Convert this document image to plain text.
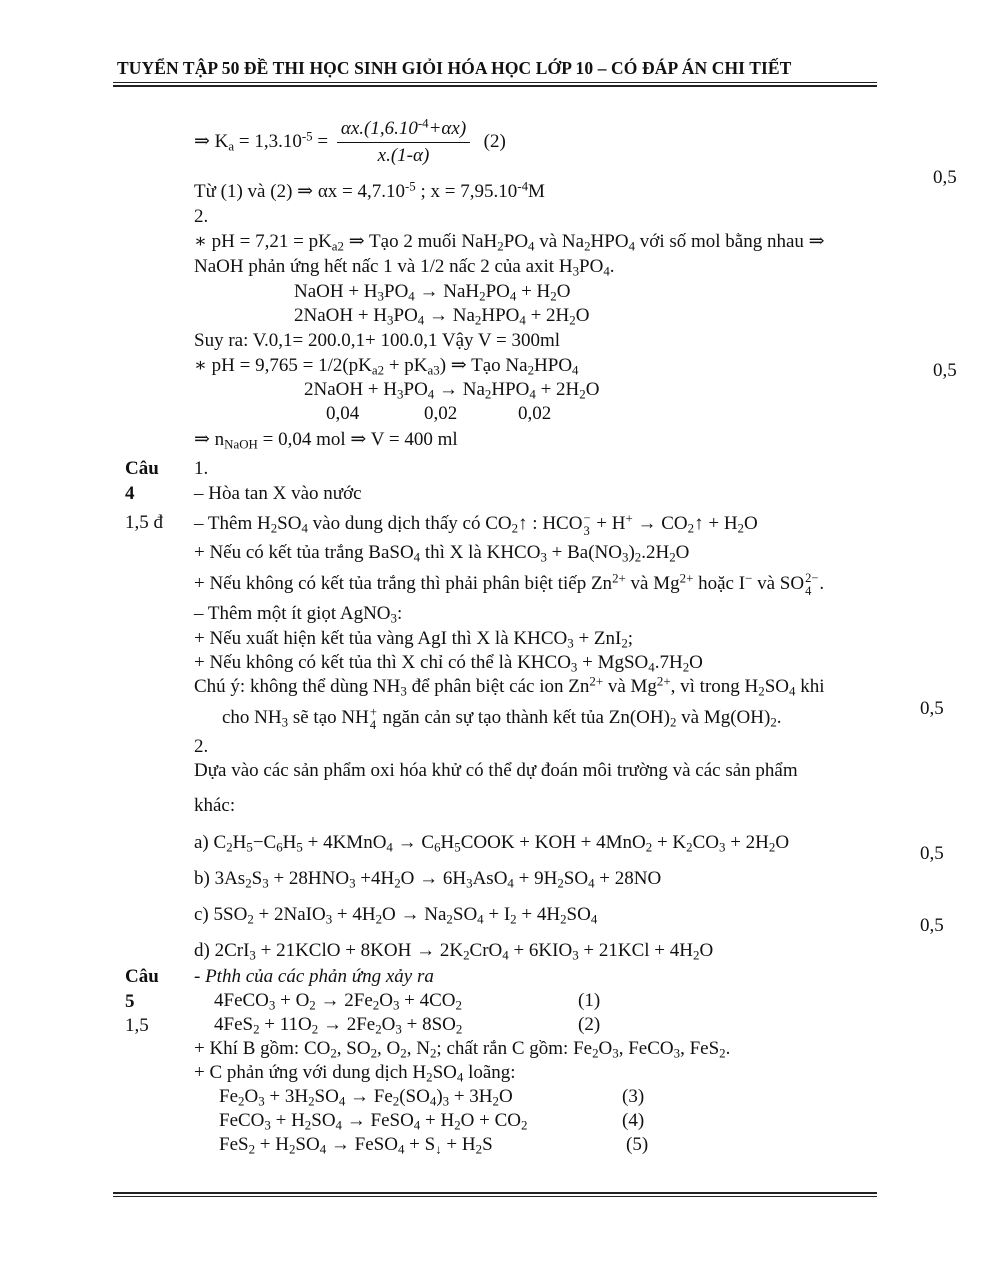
TUYỂN TẬP 50 ĐỀ THI HỌC SINH GIỎI HÓA HỌC LỚP 10 – CÓ ĐÁP ÁN CHI TIẾT
⇒ $K_a = 1,3.10^{-5} = \frac{\alpha x.(1,6.10^{-4}+\alpha x)}{x.(1-\alpha)} (2)$
Từ (1) và (2) ⇒ $\alpha x = 4,7.10^{-5}$ ; $x = 7,95.10^{-4}M$
2.
∗ pH = $7,21 = pK_{a2}$ ⇒ Tạo 2 muối $NaH_2PO_4$ và $Na_2HPO_4$ với số mol bằng nhau ⇒
NaOH phản ứng hết nấc 1 và 1/2 nấc 2 của axit $H_3PO_4$.
NaOH + $H_3PO_4 \to NaH_2PO_4 + H_2O$
2NaOH + $H_3PO_4 \to Na_2HPO_4 + 2H_2O$
Suy ra: V.0,1= 200.0,1+ 100.0,1 Vậy V = 300ml
∗ pH = $9,765 = 1/2(pK_{a2} + pK_{a3})$ ⇒ Tạo $Na_2HPO_4$
2NaOH + $H_3PO_4 \to Na_2HPO_4 + 2H_2O$
0,04	0,02	0,02
⇒ $n_{NaOH} = 0,04$ mol ⇒ V = 400 ml
Câu
4
1,5 đ
1.
– Hòa tan X vào nước
– Thêm $H_2SO_4$ vào dung dịch thấy có $CO_2↑$ : HCO −
$3 + H^+ \to CO_2↑ + H_2O$
+ Nếu có kết tủa trắng BaSO$_4$ thì X là $KHCO_3 + Ba(NO_3)_2.2H_2O$
+ Nếu không có kết tủa trắng thì phải phân biệt tiếp $Zn^{2+}$ và $Mg^{2+}$ hoặc I− và SO 2−
4 .
– Thêm một ít giọt AgNO$_3$:
+ Nếu xuất hiện kết tủa vàng AgI thì X là $KHCO_3 + ZnI_2$;
+ Nếu không có kết tủa thì X chỉ có thể là $KHCO_3$ + $MgSO_4.7H_2O$
Chú ý: không thể dùng $NH_3$ để phân biệt các ion $Zn^{2+}$ và $Mg^{2+}$, vì trong $H_2SO_4$ khi
cho $NH_3$ sẽ tạo NH +
4 ngăn cản sự tạo thành kết tủa $Zn(OH)_2$ và $Mg(OH)_2$.
2.
Dựa vào các sản phẩm oxi hóa khử có thể dự đoán môi trường và các sản phẩm
khác:
a) $C_2H_5-C_6H_5$ + 4KMnO$_4$ → $C_6H_5COOK$ + KOH + $4MnO_2 + K_2CO_3 + 2H_2O$
b) $3As_2S_3 + 28HNO_3 +4H_2O \to 6H_3AsO_4 + 9H_2SO_4 + 28NO$
c) $5SO_2$ + 2NaIO$_3$ + $4H_2O \to Na_2SO_4 + I_2 + 4H_2SO_4$
d) 2CrI$_3$ + 21KClO + $8KOH \to 2K_2CrO_4 + 6KIO_3 + 21KCl + 4H_2O$
Câu
5
1,5
- Pthh của các phản ứng xảy ra
4FeCO$_3$ + $O_2 \to 2Fe_2O_3 + 4CO_2$	(1)
$4FeS_2 + 11O_2 \to 2Fe_2O_3 + 8SO_2$	(2)
+ Khí B gồm: $CO_2$, $SO_2$, $O_2$, $N_2$; chất rắn C gồm: $Fe_2O_3$, FeCO$_3$, FeS$_2$.
+ C phản ứng với dung dịch $H_2SO_4$ loãng:
$Fe_2O_3 + 3H_2SO_4 \to Fe_2(SO_4)_3 + 3H_2O$	(3)
FeCO$_3$ + $H_2SO_4$ → FeSO$_4$ + $H_2O + CO_2$	(4)
$FeS_2 + H_2SO_4$ → FeSO$_4$ + $S_↓ + H_2S$	(5)
0,5
0,5
0,5
0,5
0,5
